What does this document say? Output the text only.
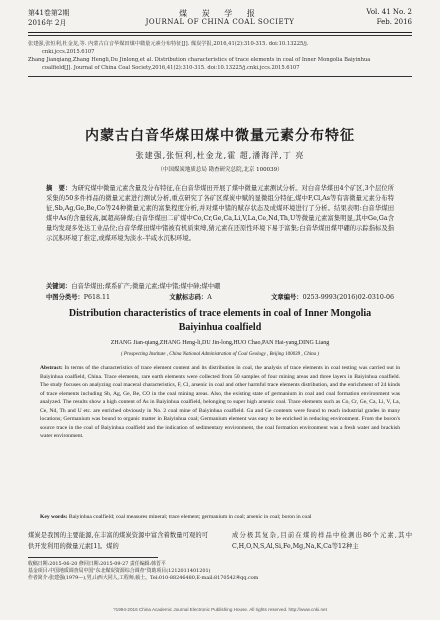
第41卷第2期
2016年 2月
煤 炭 学 报
JOURNAL OF CHINA COAL SOCIETY
Vol. 41 No. 2
Feb. 2016
张建强,张恒利,杜金龙,等. 内蒙古白音华煤田煤中微量元素分布特征[J]. 煤炭学报,2016,41(2):310-315. doi:10.13225/j.
cnki.jccs.2015.6107
Zhang Jianqiang,Zhang Hengli,Du Jinlong,et al. Distribution characteristics of trace elements in coal of Inner Mongolia Baiyinhua
coalfield[J]. Journal of China Coal Society,2016,41(2):310-315. doi:10.13225/j.cnki.jccs.2015.6107
内蒙古白音华煤田煤中微量元素分布特征
张建强,张恒利,杜金龙,霍 超,潘海洋,丁 亮
（中国煤炭地质总局 勘查研究总院,北京 100039）
摘　要：为研究煤中微量元素含量及分布特征,在白音华煤田开展了煤中微量元素测试分析。对白音华煤田4个矿区,3个层位所采集的50多件样品的微量元素进行测试分析,重点研究了各矿区煤炭中赋的显微组分特征,煤中F,Cl,As等有害微量元素分布特征,Sb,Ag,Ge,Be,Co等24种微量元素的富集程度分析,并对煤中锗的赋存状态及成煤环境进行了分析。结果表明:白音华煤田煤中As的含量较高,属超高砷煤;白音华煤田二矿煤中Co,Cr,Ge,Ca,Li,V,La,Ce,Nd,Th,U等微量元素富集明显,其中Ge,Ga含量均发现多处达工业品位;白音华煤田煤中锗被有机质束缚,猜元素在还原性环境下易于富集;白音华煤田煤甲硼的示踪指标及指示沉积环境了推定,或煤环境为淡水-半咸水沉积环境。
关键词：白音华煤田;煤系矿产;微量元素;煤中锗;煤中砷;煤中硼
中图分类号：P618.11	文献标志码：A	文章编号：0253-9993(2016)02-0310-06
Distribution characteristics of trace elements in coal of Inner Mongolia
Baiyinhua coalfield
ZHANG Jian-qiang,ZHANG Heng-li,DU Jin-long,HUO Chao,PAN Hai-yang,DING Liang
( Prospecting Institute , China National Administration of Coal Geology , Beijing 100039 , China )
Abstract: In terms of the characteristics of trace element content and its distribution in coal, the analysis of trace elements in coal testing was carried out in Baiyinhua coalfield, China. Trace elements, rare earth elements were collected from 50 samples of four mining areas and three layers in Baiyinhua coalfield. The study focuses on analyzing coal maceral characteristics, F, Cl, arsenic in coal and other harmful trace elements distribution, and the enrichment of 24 kinds of trace elements including Sb, Ag, Ge, Be, CO in the coal mining areas. Also, the existing state of germanium in coal and coal formation environment was analyzed. The results show a high content of As in Baiyinhua coalfield, belonging to super high arsenic coal. Trace elements such as Co, Cr, Ge, Ca, Li, V, La, Ce, Nd, Th and U etc. are enriched obviously in No. 2 coal mine of Baiyinhua coalfield. Ga and Ge contents were found to reach industrial grades in many locations; Germanium was bound to organic matter in Baiyinhua coal; Germanium element was easy to be enriched in reducing environment. From the boron's source trace in the coal of Baiyinhua coalfield and the indication of sedimentary environment, the coal formation environment was a fresh water and brackish water environment.
Key words: Baiyinhua coalfield; coal measures mineral; trace element; germanium in coal; arsenic in coal; boron in coal
煤炭是我国的主要能源,在丰富的煤炭资源中富含着数量可观的可供开发利用的微量元素[1]。煤的
成分极其复杂,目前在煤的样品中检测出86个元素,其中C,H,O,N,S,Al,Si,Fe,Mg,Na,K,Ca等12种主
收稿日期:2015-06-20 修回日期:2015-09-27 责任编辑:韩晋平
基金项目:中国地质调查局中国"东北煤炭资源综合调查"资助项目(1212011401201)
作者简介:张建强(1979—),男,山西大同人,工程师,硕士。Tel:010-88246480,E-mail:8170542④qq.com
?1994-2016 China Academic Journal Electronic Publishing House. All rights reserved. http://www.cnki.net
